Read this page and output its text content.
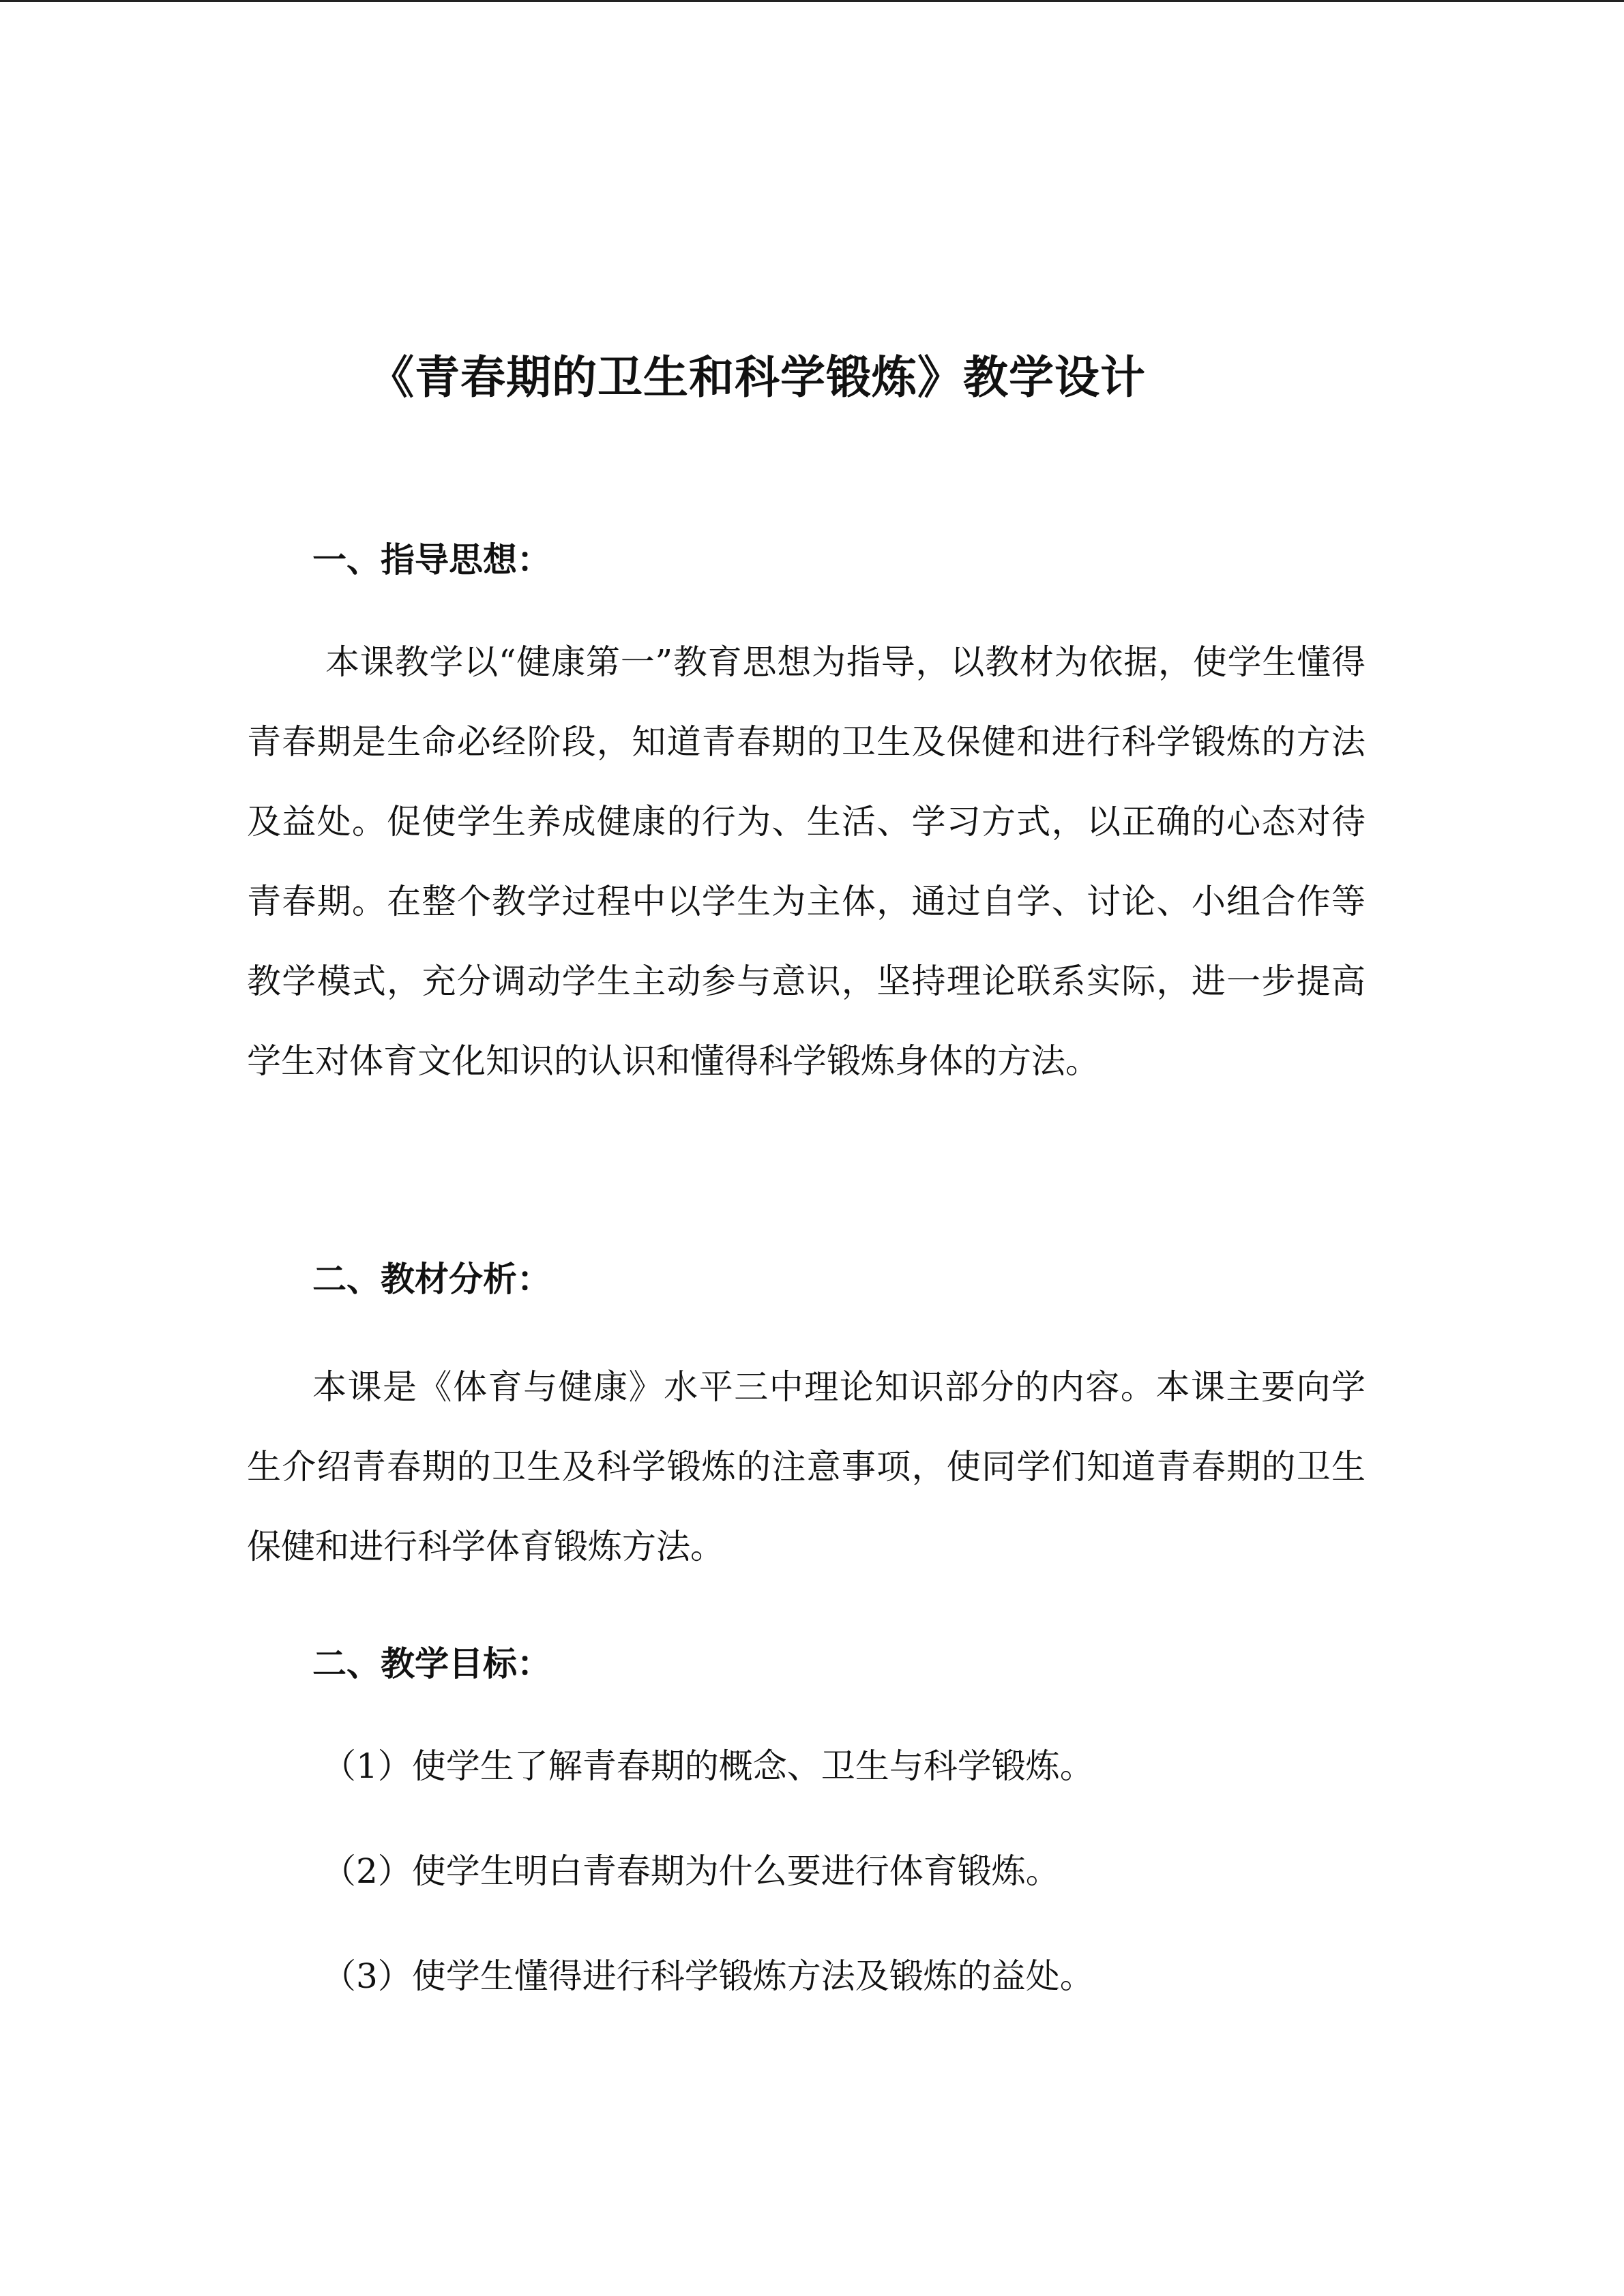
《青春期的卫生和科学锻炼》教学设计
一、指导思想：

本课教学以“健康第一”教育思想为指导，以教材为依据，使学生懂得青春期是生命必经阶段，知道青春期的卫生及保健和进行科学锻炼的方法及益处。促使学生养成健康的行为、生活、学习方式，以正确的心态对待青春期。在整个教学过程中以学生为主体，通过自学、讨论、小组合作等教学模式，充分调动学生主动参与意识，坚持理论联系实际，进一步提高学生对体育文化知识的认识和懂得科学锻炼身体的方法。

二、教材分析：

本课是《体育与健康》水平三中理论知识部分的内容。本课主要向学生介绍青春期的卫生及科学锻炼的注意事项，使同学们知道青春期的卫生保健和进行科学体育锻炼方法。

二、教学目标：

（1）使学生了解青春期的概念、卫生与科学锻炼。

（2）使学生明白青春期为什么要进行体育锻炼。

（3）使学生懂得进行科学锻炼方法及锻炼的益处。
